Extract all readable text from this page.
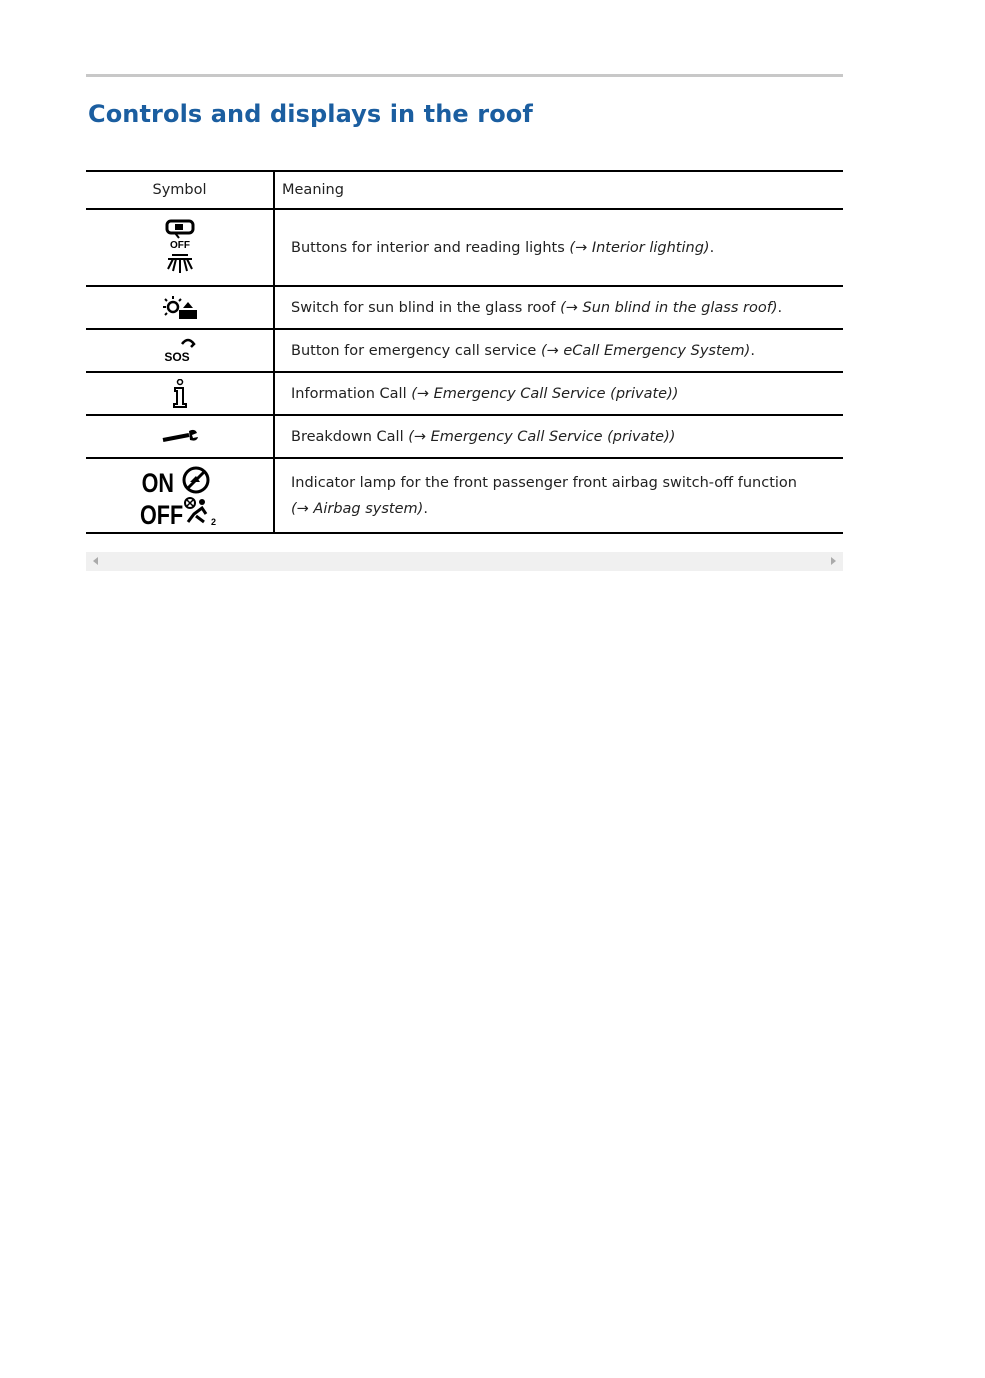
Controls and displays in the roof
Symbol	Meaning

OFF	Buttons for interior and reading lights (→ Interior lighting).
	Switch for sun blind in the glass roof (→ Sun blind in the glass roof).

SOS	Button for emergency call service (→ eCall Emergency System).
	Information Call (→ Emergency Call Service (private))
	Breakdown Call (→ Emergency Call Service (private))

ON
OFF 2	Indicator lamp for the front passenger front airbag switch-off function
(→ Airbag system).
